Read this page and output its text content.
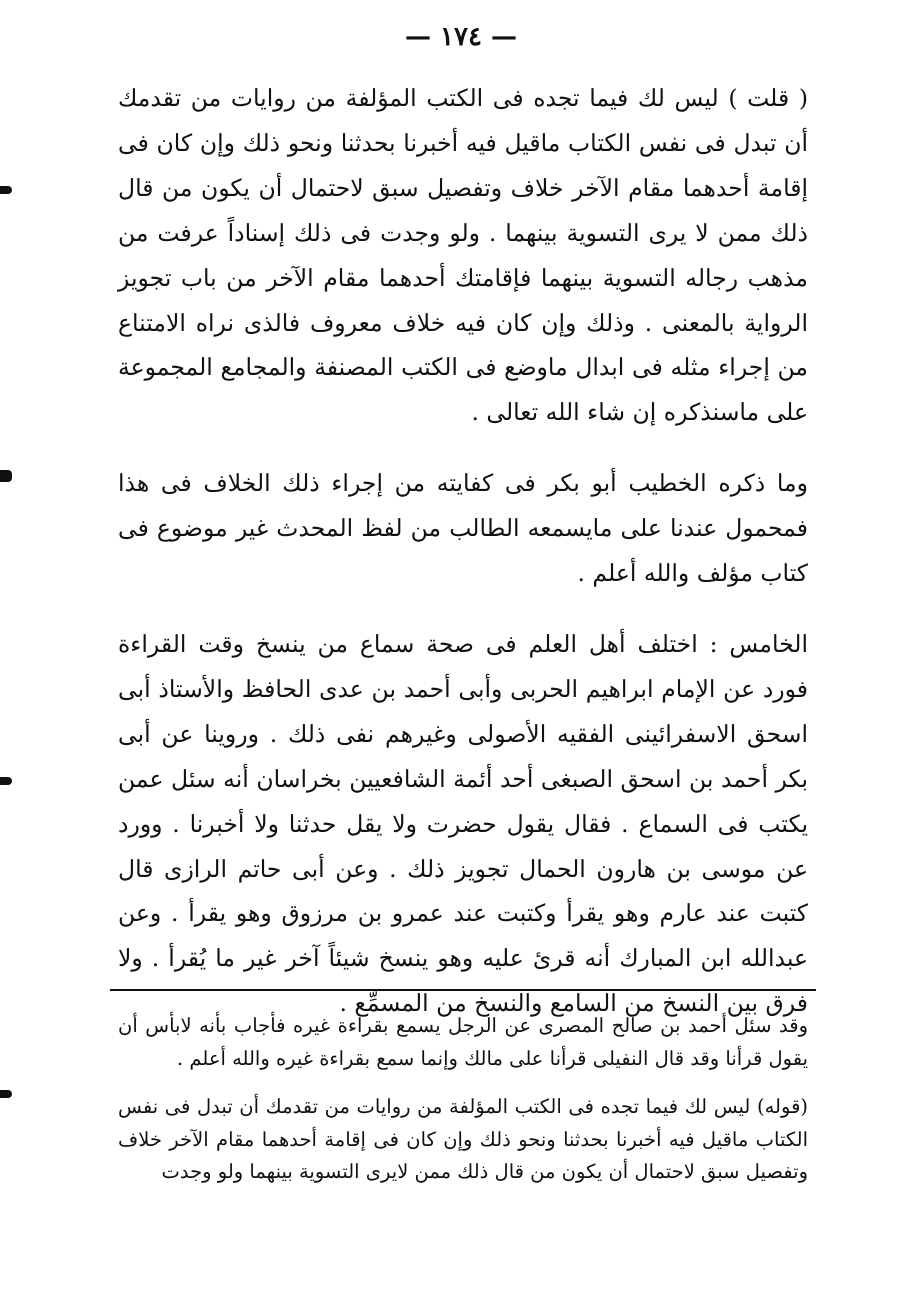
— ١٧٤ —

( قلت ) ليس لك فيما تجده فى الكتب المؤلفة من روايات من تقدمك أن تبدل فى نفس الكتاب ماقيل فيه أخبرنا بحدثنا ونحو ذلك وإن كان فى إقامة أحدهما مقام الآخر خلاف وتفصيل سبق لاحتمال أن يكون من قال ذلك ممن لا يرى التسوية بينهما . ولو وجدت فى ذلك إسناداً عرفت من مذهب رجاله التسوية بينهما فإقامتك أحدهما مقام الآخر من باب تجويز الرواية بالمعنى . وذلك وإن كان فيه خلاف معروف فالذى نراه الامتناع من إجراء مثله فى ابدال ماوضع فى الكتب المصنفة والمجامع المجموعة على ماسنذكره إن شاء الله تعالى .

وما ذكره الخطيب أبو بكر فى كفايته من إجراء ذلك الخلاف فى هذا فمحمول عندنا على مايسمعه الطالب من لفظ المحدث غير موضوع فى كتاب مؤلف والله أعلم .

الخامس : اختلف أهل العلم فى صحة سماع من ينسخ وقت القراءة فورد عن الإمام ابراهيم الحربى وأبى أحمد بن عدى الحافظ والأستاذ أبى اسحق الاسفرائينى الفقيه الأصولى وغيرهم نفى ذلك . وروينا عن أبى بكر أحمد بن اسحق الصبغى أحد أئمة الشافعيين بخراسان أنه سئل عمن يكتب فى السماع . فقال يقول حضرت ولا يقل حدثنا ولا أخبرنا . وورد عن موسى بن هارون الحمال تجويز ذلك . وعن أبى حاتم الرازى قال كتبت عند عارم وهو يقرأ وكتبت عند عمرو بن مرزوق وهو يقرأ . وعن عبدالله ابن المبارك أنه قرئ عليه وهو ينسخ شيئاً آخر غير ما يُقرأ . ولا فرق بين النسخ من السامع والنسخ من المسمِّع .

وقد سئل أحمد بن صالح المصرى عن الرجل يسمع بقراءة غيره فأجاب بأنه لابأس أن يقول قرأنا وقد قال النفيلى قرأنا على مالك وإنما سمع بقراءة غيره والله أعلم .

(قوله) ليس لك فيما تجده فى الكتب المؤلفة من روايات من تقدمك أن تبدل فى نفس الكتاب ماقيل فيه أخبرنا بحدثنا ونحو ذلك وإن كان فى إقامة أحدهما مقام الآخر خلاف وتفصيل سبق لاحتمال أن يكون من قال ذلك ممن لايرى التسوية بينهما ولو وجدت
